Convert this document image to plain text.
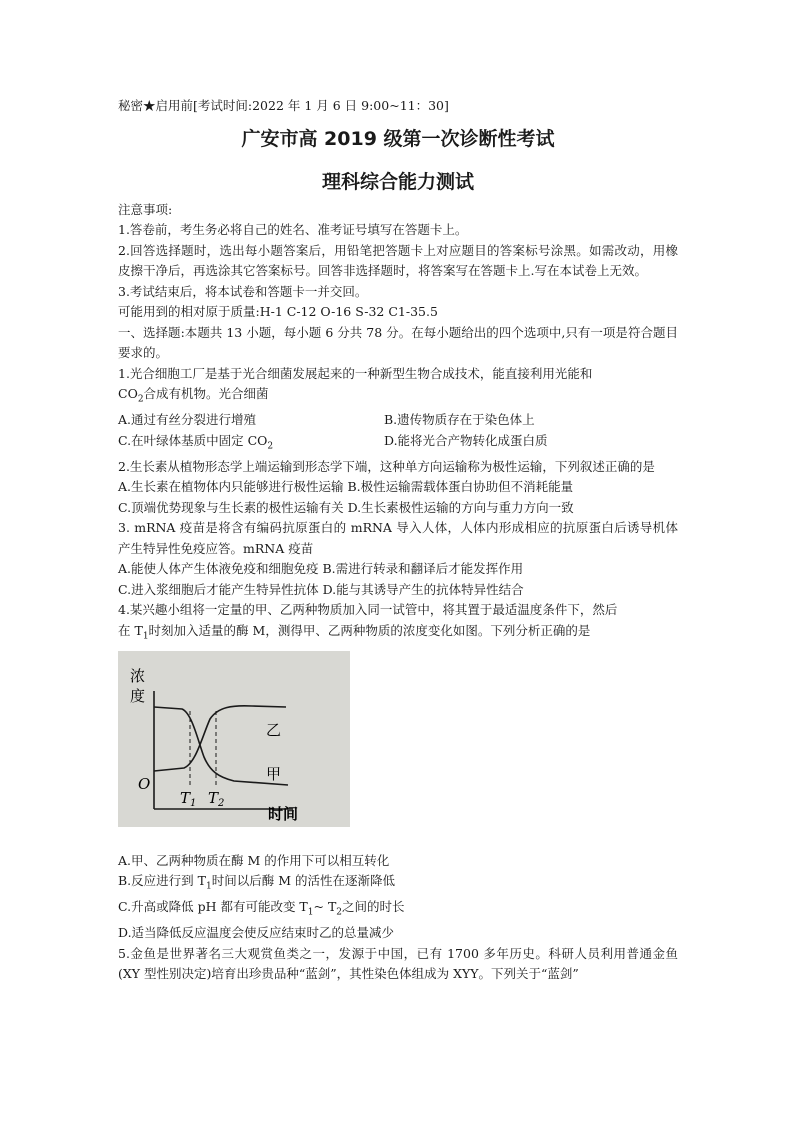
秘密★启用前[考试时间:2022 年 1 月 6 日 9:00~11：30]
广安市高 2019 级第一次诊断性考试
理科综合能力测试
注意事项:
1.答卷前，考生务必将自己的姓名、准考证号填写在答题卡上。
2.回答选择题时，选出每小题答案后，用铅笔把答题卡上对应题目的答案标号涂黑。如需改动，用橡皮擦干净后，再选涂其它答案标号。回答非选择题时，将答案写在答题卡上.写在本试卷上无效。
3.考试结束后，将本试卷和答题卡一并交回。
可能用到的相对原于质量:H-1 C-12 O-16 S-32 C1-35.5
一、选择题:本题共 13 小题，每小题 6 分共 78 分。在每小题给出的四个选项中,只有一项是符合题目要求的。
1.光合细胞工厂是基于光合细菌发展起来的一种新型生物合成技术，能直接利用光能和
$CO_2$合成有机物。光合细菌
A.通过有丝分裂进行增殖	B.遗传物质存在于染色体上
C.在叶绿体基质中固定 $CO_2$	D.能将光合产物转化成蛋白质
2.生长素从植物形态学上端运输到形态学下端，这种单方向运输称为极性运输，下列叙述正确的是
A.生长素在植物体内只能够进行极性运输 B.极性运输需载体蛋白协助但不消耗能量
C.顶端优势现象与生长素的极性运输有关 D.生长素极性运输的方向与重力方向一致
3. mRNA 疫苗是将含有编码抗原蛋白的 mRNA 导入人体，人体内形成相应的抗原蛋白后诱导机体产生特异性免疫应答。mRNA 疫苗
A.能使人体产生体液免疫和细胞免疫 B.需进行转录和翻译后才能发挥作用
C.进入浆细胞后才能产生特异性抗体 D.能与其诱导产生的抗体特异性结合
4.某兴趣小组将一定量的甲、乙两种物质加入同一试管中，将其置于最适温度条件下，然后
在 $T_1$时刻加入适量的酶 M，测得甲、乙两种物质的浓度变化如图。下列分析正确的是
浓
度
O
$T_1$ $T_2$
乙
甲
时间
A.甲、乙两种物质在酶 M 的作用下可以相互转化
B.反应进行到 $T_1$时间以后酶 M 的活性在逐渐降低
C.升高或降低 pH 都有可能改变 $T_1\sim$ $T_2$之间的时长
D.适当降低反应温度会使反应结束时乙的总量减少
5.金鱼是世界著名三大观赏鱼类之一，发源于中国，已有 1700 多年历史。科研人员利用普通金鱼(XY 型性别决定)培育出珍贵品种“蓝剑”，其性染色体组成为 XYY。下列关于“蓝剑”
